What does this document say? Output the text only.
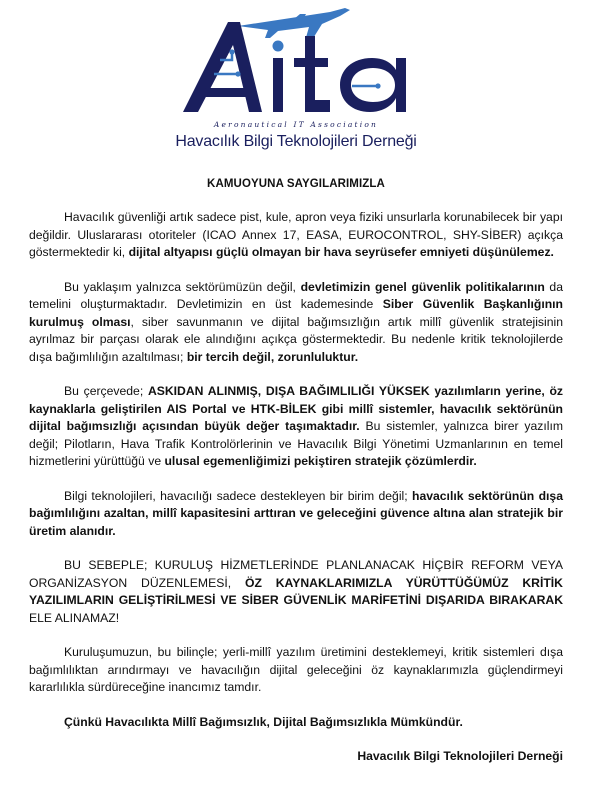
Aeronautical IT Association
Havacılık Bilgi Teknolojileri Derneği
KAMUOYUNA SAYGILARIMIZLA

Havacılık güvenliği artık sadece pist, kule, apron veya fiziki unsurlarla korunabilecek bir yapı değildir. Uluslararası otoriteler (ICAO Annex 17, EASA, EUROCONTROL, SHY-SİBER) açıkça göstermektedir ki, dijital altyapısı güçlü olmayan bir hava seyrüsefer emniyeti düşünülemez.

Bu yaklaşım yalnızca sektörümüzün değil, devletimizin genel güvenlik politikalarının da temelini oluşturmaktadır. Devletimizin en üst kademesinde Siber Güvenlik Başkanlığının kurulmuş olması, siber savunmanın ve dijital bağımsızlığın artık millî güvenlik stratejisinin ayrılmaz bir parçası olarak ele alındığını açıkça göstermektedir. Bu nedenle kritik teknolojilerde dışa bağımlılığın azaltılması; bir tercih değil, zorunluluktur.

Bu çerçevede; ASKIDAN ALINMIŞ, DIŞA BAĞIMLILIĞI YÜKSEK yazılımların yerine, öz kaynaklarla geliştirilen AIS Portal ve HTK-BİLEK gibi millî sistemler, havacılık sektörünün dijital bağımsızlığı açısından büyük değer taşımaktadır. Bu sistemler, yalnızca birer yazılım değil; Pilotların, Hava Trafik Kontrolörlerinin ve Havacılık Bilgi Yönetimi Uzmanlarının en temel hizmetlerini yürüttüğü ve ulusal egemenliğimizi pekiştiren stratejik çözümlerdir.

Bilgi teknolojileri, havacılığı sadece destekleyen bir birim değil; havacılık sektörünün dışa bağımlılığını azaltan, millî kapasitesini arttıran ve geleceğini güvence altına alan stratejik bir üretim alanıdır.

BU SEBEPLE; KURULUŞ HİZMETLERİNDE PLANLANACAK HİÇBİR REFORM VEYA ORGANİZASYON DÜZENLEMESİ, ÖZ KAYNAKLARIMIZLA YÜRÜTTÜĞÜMÜZ KRİTİK YAZILIMLARIN GELİŞTİRİLMESİ VE SİBER GÜVENLİK MARİFETİNİ DIŞARIDA BIRAKARAK ELE ALINAMAZ!

Kuruluşumuzun, bu bilinçle; yerli-millî yazılım üretimini desteklemeyi, kritik sistemleri dışa bağımlılıktan arındırmayı ve havacılığın dijital geleceğini öz kaynaklarımızla güçlendirmeyi kararlılıkla sürdüreceğine inancımız tamdır.

Çünkü Havacılıkta Millî Bağımsızlık, Dijital Bağımsızlıkla Mümkündür.
Havacılık Bilgi Teknolojileri Derneği
